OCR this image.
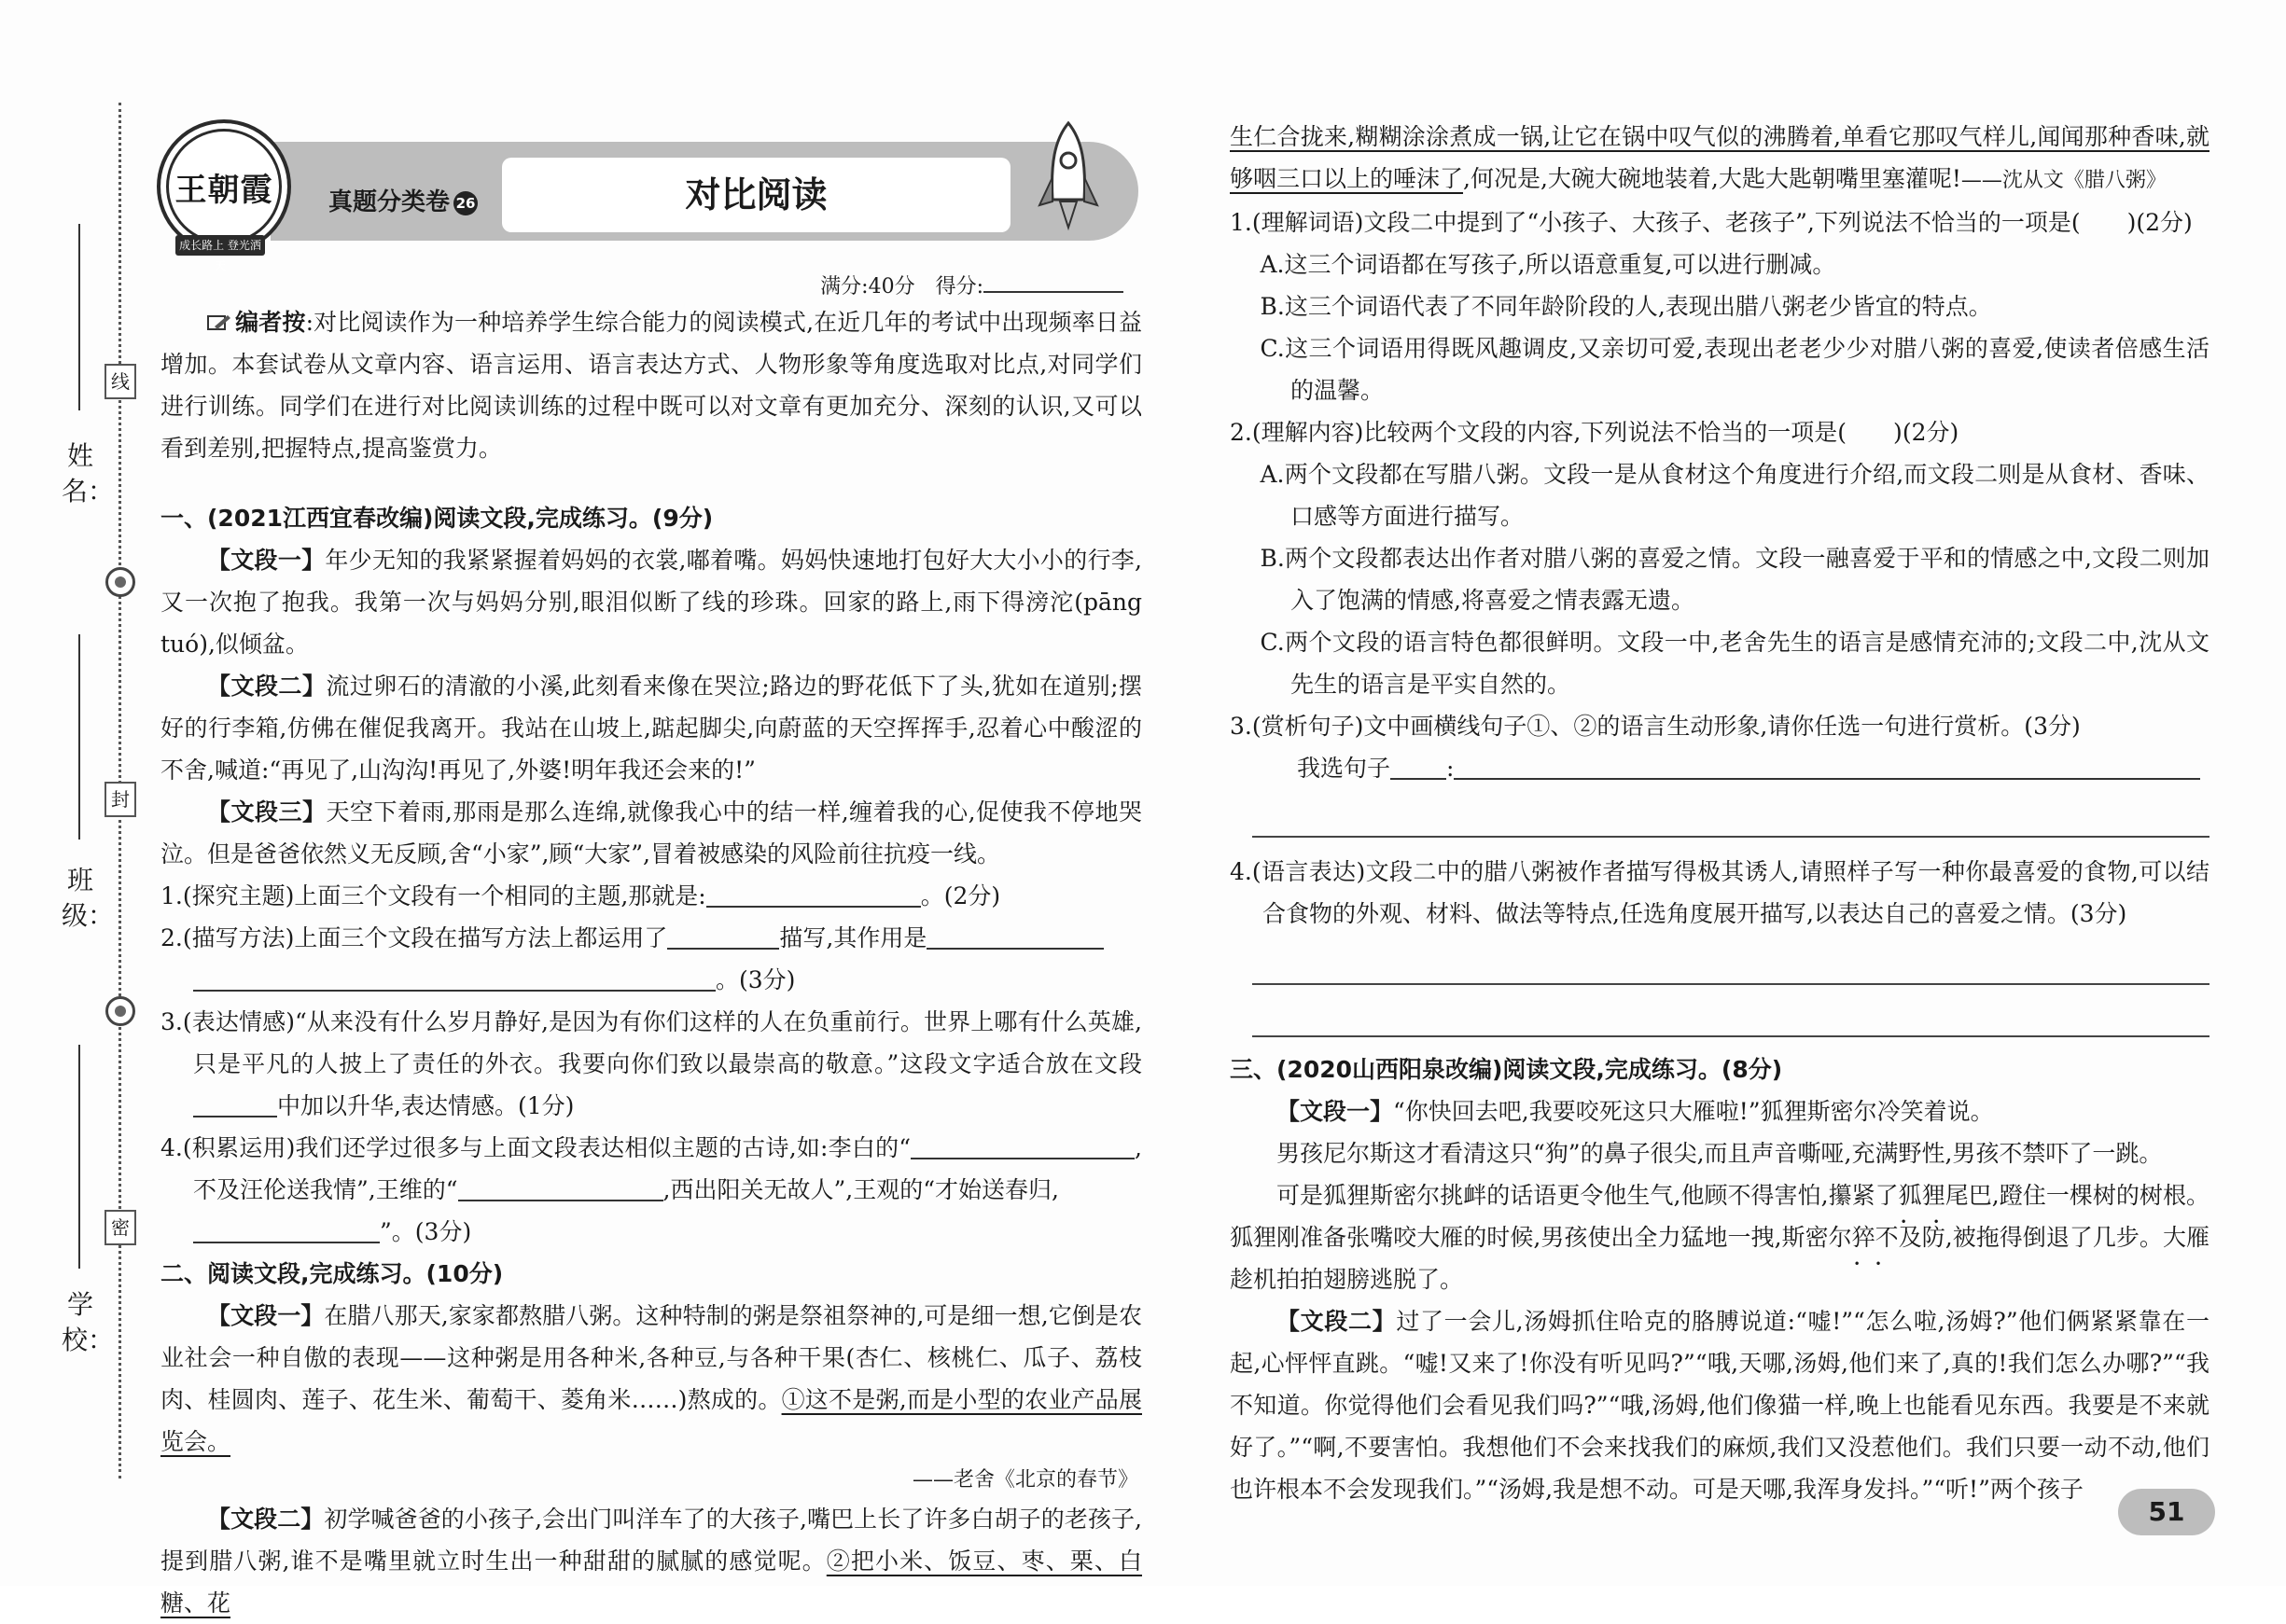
姓　名：
班　级：
学　校：
线
封
密
王朝霞
成长路上 登光洒天
真题分类卷 26	对比阅读
满分:40分　得分:

编者按:对比阅读作为一种培养学生综合能力的阅读模式,在近几年的考试中出现频率日益增加。本套试卷从文章内容、语言运用、语言表达方式、人物形象等角度选取对比点,对同学们进行训练。同学们在进行对比阅读训练的过程中既可以对文章有更加充分、深刻的认识,又可以看到差别,把握特点,提高鉴赏力。

一、(2021江西宜春改编)阅读文段,完成练习。(9分)

【文段一】年少无知的我紧紧握着妈妈的衣裳,嘟着嘴。妈妈快速地打包好大大小小的行李,又一次抱了抱我。我第一次与妈妈分别,眼泪似断了线的珍珠。回家的路上,雨下得滂沱(pāng tuó),似倾盆。

【文段二】流过卵石的清澈的小溪,此刻看来像在哭泣;路边的野花低下了头,犹如在道别;摆好的行李箱,仿佛在催促我离开。我站在山坡上,踮起脚尖,向蔚蓝的天空挥挥手,忍着心中酸涩的不舍,喊道:“再见了,山沟沟!再见了,外婆!明年我还会来的!”

【文段三】天空下着雨,那雨是那么连绵,就像我心中的结一样,缠着我的心,促使我不停地哭泣。但是爸爸依然义无反顾,舍“小家”,顾“大家”,冒着被感染的风险前往抗疫一线。

1.(探究主题)上面三个文段有一个相同的主题,那就是:	。(2分)

2.(描写方法)上面三个文段在描写方法上都运用了	描写,其作用是
。(3分)

3.(表达情感)“从来没有什么岁月静好,是因为有你们这样的人在负重前行。世界上哪有什么英雄,只是平凡的人披上了责任的外衣。我要向你们致以最崇高的敬意。”这段文字适合放在文段中加以升华,表达情感。(1分)

4.(积累运用)我们还学过很多与上面文段表达相似主题的古诗,如:李白的“	,不及汪伦送我情”,王维的“	,西出阳关无故人”,王观的“才始送春归,
”。(3分)

二、阅读文段,完成练习。(10分)

【文段一】在腊八那天,家家都熬腊八粥。这种特制的粥是祭祖祭神的,可是细一想,它倒是农业社会一种自傲的表现——这种粥是用各种米,各种豆,与各种干果(杏仁、核桃仁、瓜子、荔枝肉、桂圆肉、莲子、花生米、葡萄干、菱角米……)熬成的。①这不是粥,而是小型的农业产品展览会。

——老舍《北京的春节》

【文段二】初学喊爸爸的小孩子,会出门叫洋车了的大孩子,嘴巴上长了许多白胡子的老孩子,提到腊八粥,谁不是嘴里就立时生出一种甜甜的腻腻的感觉呢。②把小米、饭豆、枣、栗、白糖、花

生仁合拢来,糊糊涂涂煮成一锅,让它在锅中叹气似的沸腾着,单看它那叹气样儿,闻闻那种香味,就够咽三口以上的唾沫了,何况是,大碗大碗地装着,大匙大匙朝嘴里塞灌呢!——沈从文《腊八粥》

1.(理解词语)文段二中提到了“小孩子、大孩子、老孩子”,下列说法不恰当的一项是(　　)(2分)

A.这三个词语都在写孩子,所以语意重复,可以进行删减。

B.这三个词语代表了不同年龄阶段的人,表现出腊八粥老少皆宜的特点。

C.这三个词语用得既风趣调皮,又亲切可爱,表现出老老少少对腊八粥的喜爱,使读者倍感生活的温馨。

2.(理解内容)比较两个文段的内容,下列说法不恰当的一项是(　　)(2分)

A.两个文段都在写腊八粥。文段一是从食材这个角度进行介绍,而文段二则是从食材、香味、口感等方面进行描写。

B.两个文段都表达出作者对腊八粥的喜爱之情。文段一融喜爱于平和的情感之中,文段二则加入了饱满的情感,将喜爱之情表露无遗。

C.两个文段的语言特色都很鲜明。文段一中,老舍先生的语言是感情充沛的;文段二中,沈从文先生的语言是平实自然的。

3.(赏析句子)文中画横线句子①、②的语言生动形象,请你任选一句进行赏析。(3分)

我选句子 :

4.(语言表达)文段二中的腊八粥被作者描写得极其诱人,请照样子写一种你最喜爱的食物,可以结合食物的外观、材料、做法等特点,任选角度展开描写,以表达自己的喜爱之情。(3分)

三、(2020山西阳泉改编)阅读文段,完成练习。(8分)

【文段一】“你快回去吧,我要咬死这只大雁啦!”狐狸斯密尔冷笑着说。

男孩尼尔斯这才看清这只“狗”的鼻子很尖,而且声音嘶哑,充满野性,男孩不禁吓了一跳。

可是狐狸斯密尔挑衅的话语更令他生气,他顾不得害怕,攥紧了狐狸尾巴,蹬住一棵树的树根。狐狸刚准备张嘴咬大雁的时候,男孩使出全力猛地一拽,斯密尔猝不及防 • • • •,被拖得倒退了几步。大雁趁机拍拍翅膀逃脱了。

【文段二】过了一会儿,汤姆抓住哈克的胳膊说道:“嘘!”“怎么啦,汤姆?”他们俩紧紧靠在一起,心怦怦直跳。“嘘!又来了!你没有听见吗?”“哦,天哪,汤姆,他们来了,真的!我们怎么办哪?”“我不知道。你觉得他们会看见我们吗?”“哦,汤姆,他们像猫一样,晚上也能看见东西。我要是不来就好了。”“啊,不要害怕。我想他们不会来找我们的麻烦,我们又没惹他们。我们只要一动不动,他们也许根本不会发现我们。”“汤姆,我是想不动。可是天哪,我浑身发抖。”“听!”两个孩子

51
